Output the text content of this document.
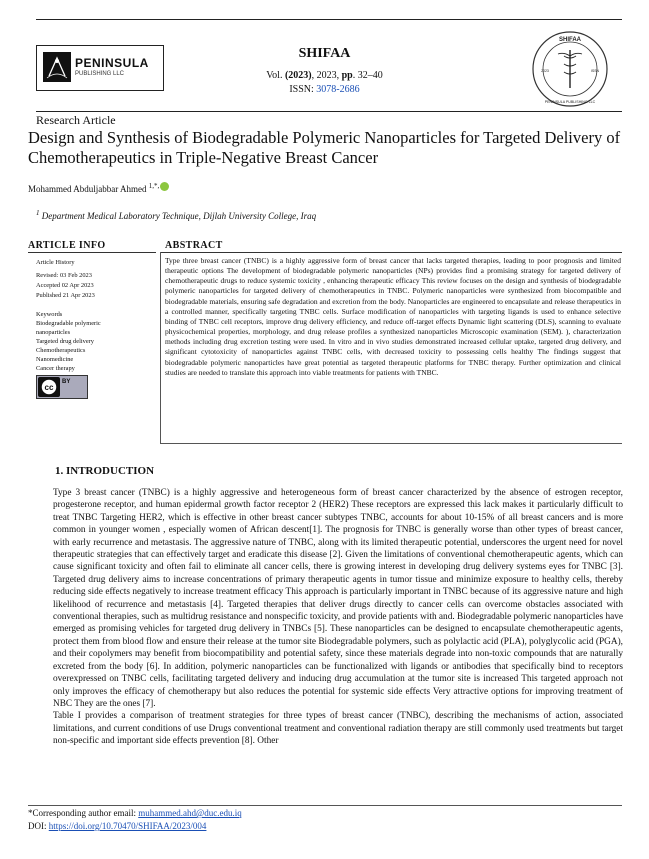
PENINSULA
PUBLISHING LLC
SHIFAA
Vol. (2023), 2023, pp. 32–40
ISSN: 3078-2686
SHIFAA
PENINSULA PUBLISHING LLC
2023	ISSN
Research Article
Design and Synthesis of Biodegradable Polymeric Nanoparticles for Targeted Delivery of Chemotherapeutics in Triple-Negative Breast Cancer
Mohammed Abduljabbar Ahmed $^{1,*,}$
$^1$ Department Medical Laboratory Technique, Dijlah University College, Iraq
ARTICLE INFO
Article History
Revised: 03 Feb 2023
Accepted 02 Apr 2023
Published 21 Apr 2023
Keywords
Biodegradable polymeric
nanoparticles
Targeted drug delivery
Chemotherapeutics
Nanomedicine
Cancer therapy
cc
BY
ABSTRACT
Type three breast cancer (TNBC) is a highly aggressive form of breast cancer that lacks targeted therapies, leading to poor prognosis and limited therapeutic options The development of biodegradable polymeric nanoparticles (NPs) provides find a promising strategy for targeted delivery of chemotherapeutic drugs to reduce systemic toxicity , enhancing therapeutic efficacy This review focuses on the design and synthesis of biodegradable polymeric nanoparticles for targeted delivery of chemotherapeutics in TNBC. Polymeric nanoparticles were synthesized from biocompatible and biodegradable materials, ensuring safe degradation and excretion from the body. Nanoparticles are engineered to encapsulate and release therapeutics in a controlled manner, specifically targeting TNBC cells. Surface modification of nanoparticles with targeting ligands is used to enhance selective binding of TNBC cell receptors, improve drug delivery efficiency, and reduce off-target effects Dynamic light scattering (DLS), scanning to evaluate physicochemical properties, morphology, and drug release profiles a synthesized nanoparticles Microscopic examination (SEM). ), characterization methods including drug excretion testing were used. In vitro and in vivo studies demonstrated increased cellular uptake, targeted drug delivery, and significant cytotoxicity of nanoparticles against TNBC cells, with decreased toxicity to possessing cells healthy The findings suggest that biodegradable polymeric nanoparticles have great potential as targeted therapeutic platforms for TNBC therapy. Further optimization and clinical studies are needed to translate this approach into viable treatments for patients with TNBC.
1. INTRODUCTION

Type 3 breast cancer (TNBC) is a highly aggressive and heterogeneous form of breast cancer characterized by the absence of estrogen receptor, progesterone receptor, and human epidermal growth factor receptor 2 (HER2) These receptors are expressed this lack makes it particularly difficult to treat TNBC Targeting HER2, which is effective in other breast cancer subtypes TNBC, accounts for about 10-15% of all breast cancers and is more common in younger women , especially women of African descent[1]. The prognosis for TNBC is generally worse than other types of breast cancer, with early recurrence and metastasis. The aggressive nature of TNBC, along with its limited therapeutic potential, underscores the urgent need for novel therapeutic strategies that can effectively target and eradicate this disease [2]. Given the limitations of conventional chemotherapeutic agents, which can cause significant toxicity and often fail to eliminate all cancer cells, there is growing interest in developing drug delivery systems eyes for TNBC [3]. Targeted drug delivery aims to increase concentrations of primary therapeutic agents in tumor tissue and minimize exposure to healthy cells, thereby reducing side effects negatively to increase treatment efficacy This approach is particularly important in TNBC because of its aggressive nature and high likelihood of recurrence and metastasis [4]. Targeted therapies that deliver drugs directly to cancer cells can overcome obstacles associated with conventional therapies, such as multidrug resistance and nonspecific toxicity, and provide patients with and. Biodegradable polymeric nanoparticles have emerged as promising vehicles for targeted drug delivery in TNBCs [5]. These nanoparticles can be designed to encapsulate chemotherapeutic agents, protect them from blood flow and ensure their release at the tumor site Biodegradable polymers, such as polylactic acid (PLA), polyglycolic acid (PGA), and their copolymers may benefit from biocompatibility and potential safety, since these materials degrade into non-toxic compounds that are naturally excreted from the body [6]. In addition, polymeric nanoparticles can be functionalized with ligands or antibodies that specifically bind to receptors overexpressed on TNBC cells, facilitating targeted delivery and inducing drug accumulation at the tumor site is increased This targeted approach not only improves the efficacy of chemotherapy but also reduces the potential for systemic side effects Very attractive options for improving treatment of NBC They are the ones [7].

Table I provides a comparison of treatment strategies for three types of breast cancer (TNBC), describing the mechanisms of action, associated limitations, and current conditions of use Drugs conventional treatment and conventional radiation therapy are still commonly used treatments but target non-specific and important side effects prevention [8]. Other

*Corresponding author email: muhammed.ahd@duc.edu.iq
DOI: https://doi.org/10.70470/SHIFAA/2023/004
